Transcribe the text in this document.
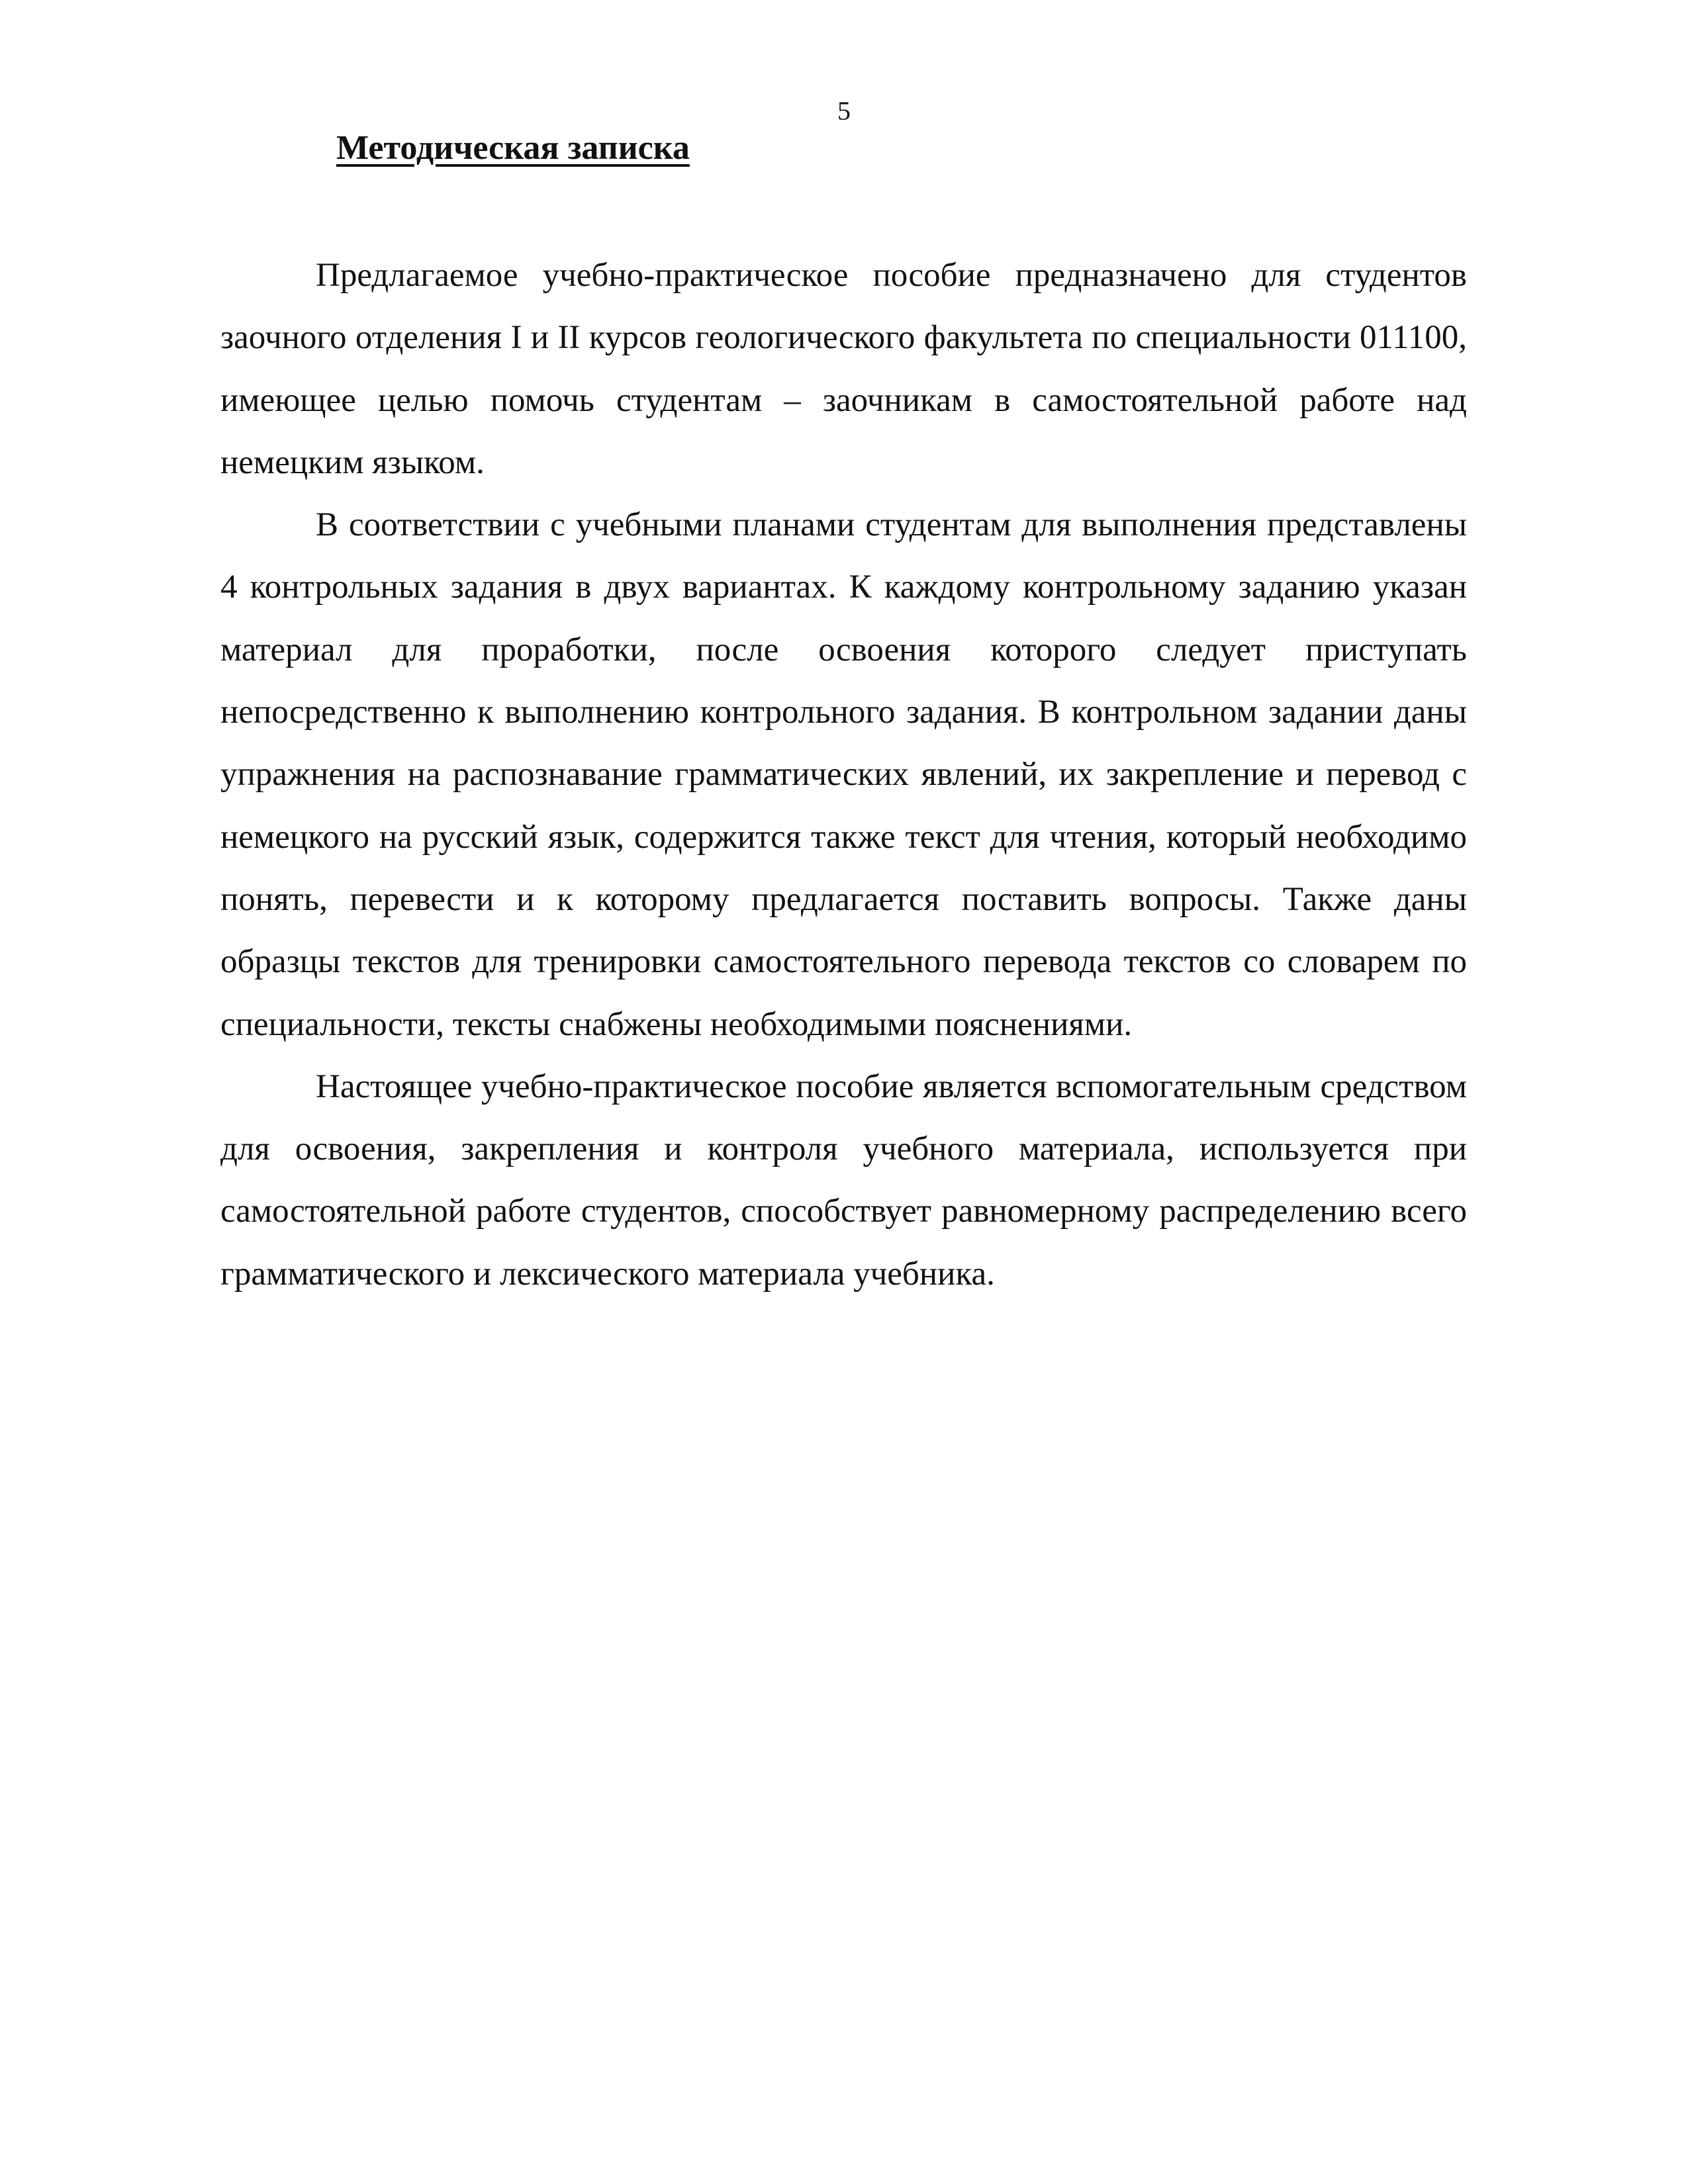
5
Методическая записка

Предлагаемое учебно-практическое пособие предназначено для студентов заочного отделения I и II курсов геологического факультета по специальности 011100, имеющее целью помочь студентам – заочникам в самостоятельной работе над немецким языком.

В соответствии с учебными планами студентам для выполнения представлены 4 контрольных задания в двух вариантах. К каждому контрольному заданию указан материал для проработки, после освоения которого следует приступать непосредственно к выполнению контрольного задания. В контрольном задании даны упражнения на распознавание грамматических явлений, их закрепление и перевод с немецкого на русский язык, содержится также текст для чтения, который необходимо понять, перевести и к которому предлагается поставить вопросы. Также даны образцы текстов для тренировки самостоятельного перевода текстов со словарем по специальности, тексты снабжены необходимыми пояснениями.

Настоящее учебно-практическое пособие является вспомогательным средством для освоения, закрепления и контроля учебного материала, используется при самостоятельной работе студентов, способствует равномерному распределению всего грамматического и лексического материала учебника.
